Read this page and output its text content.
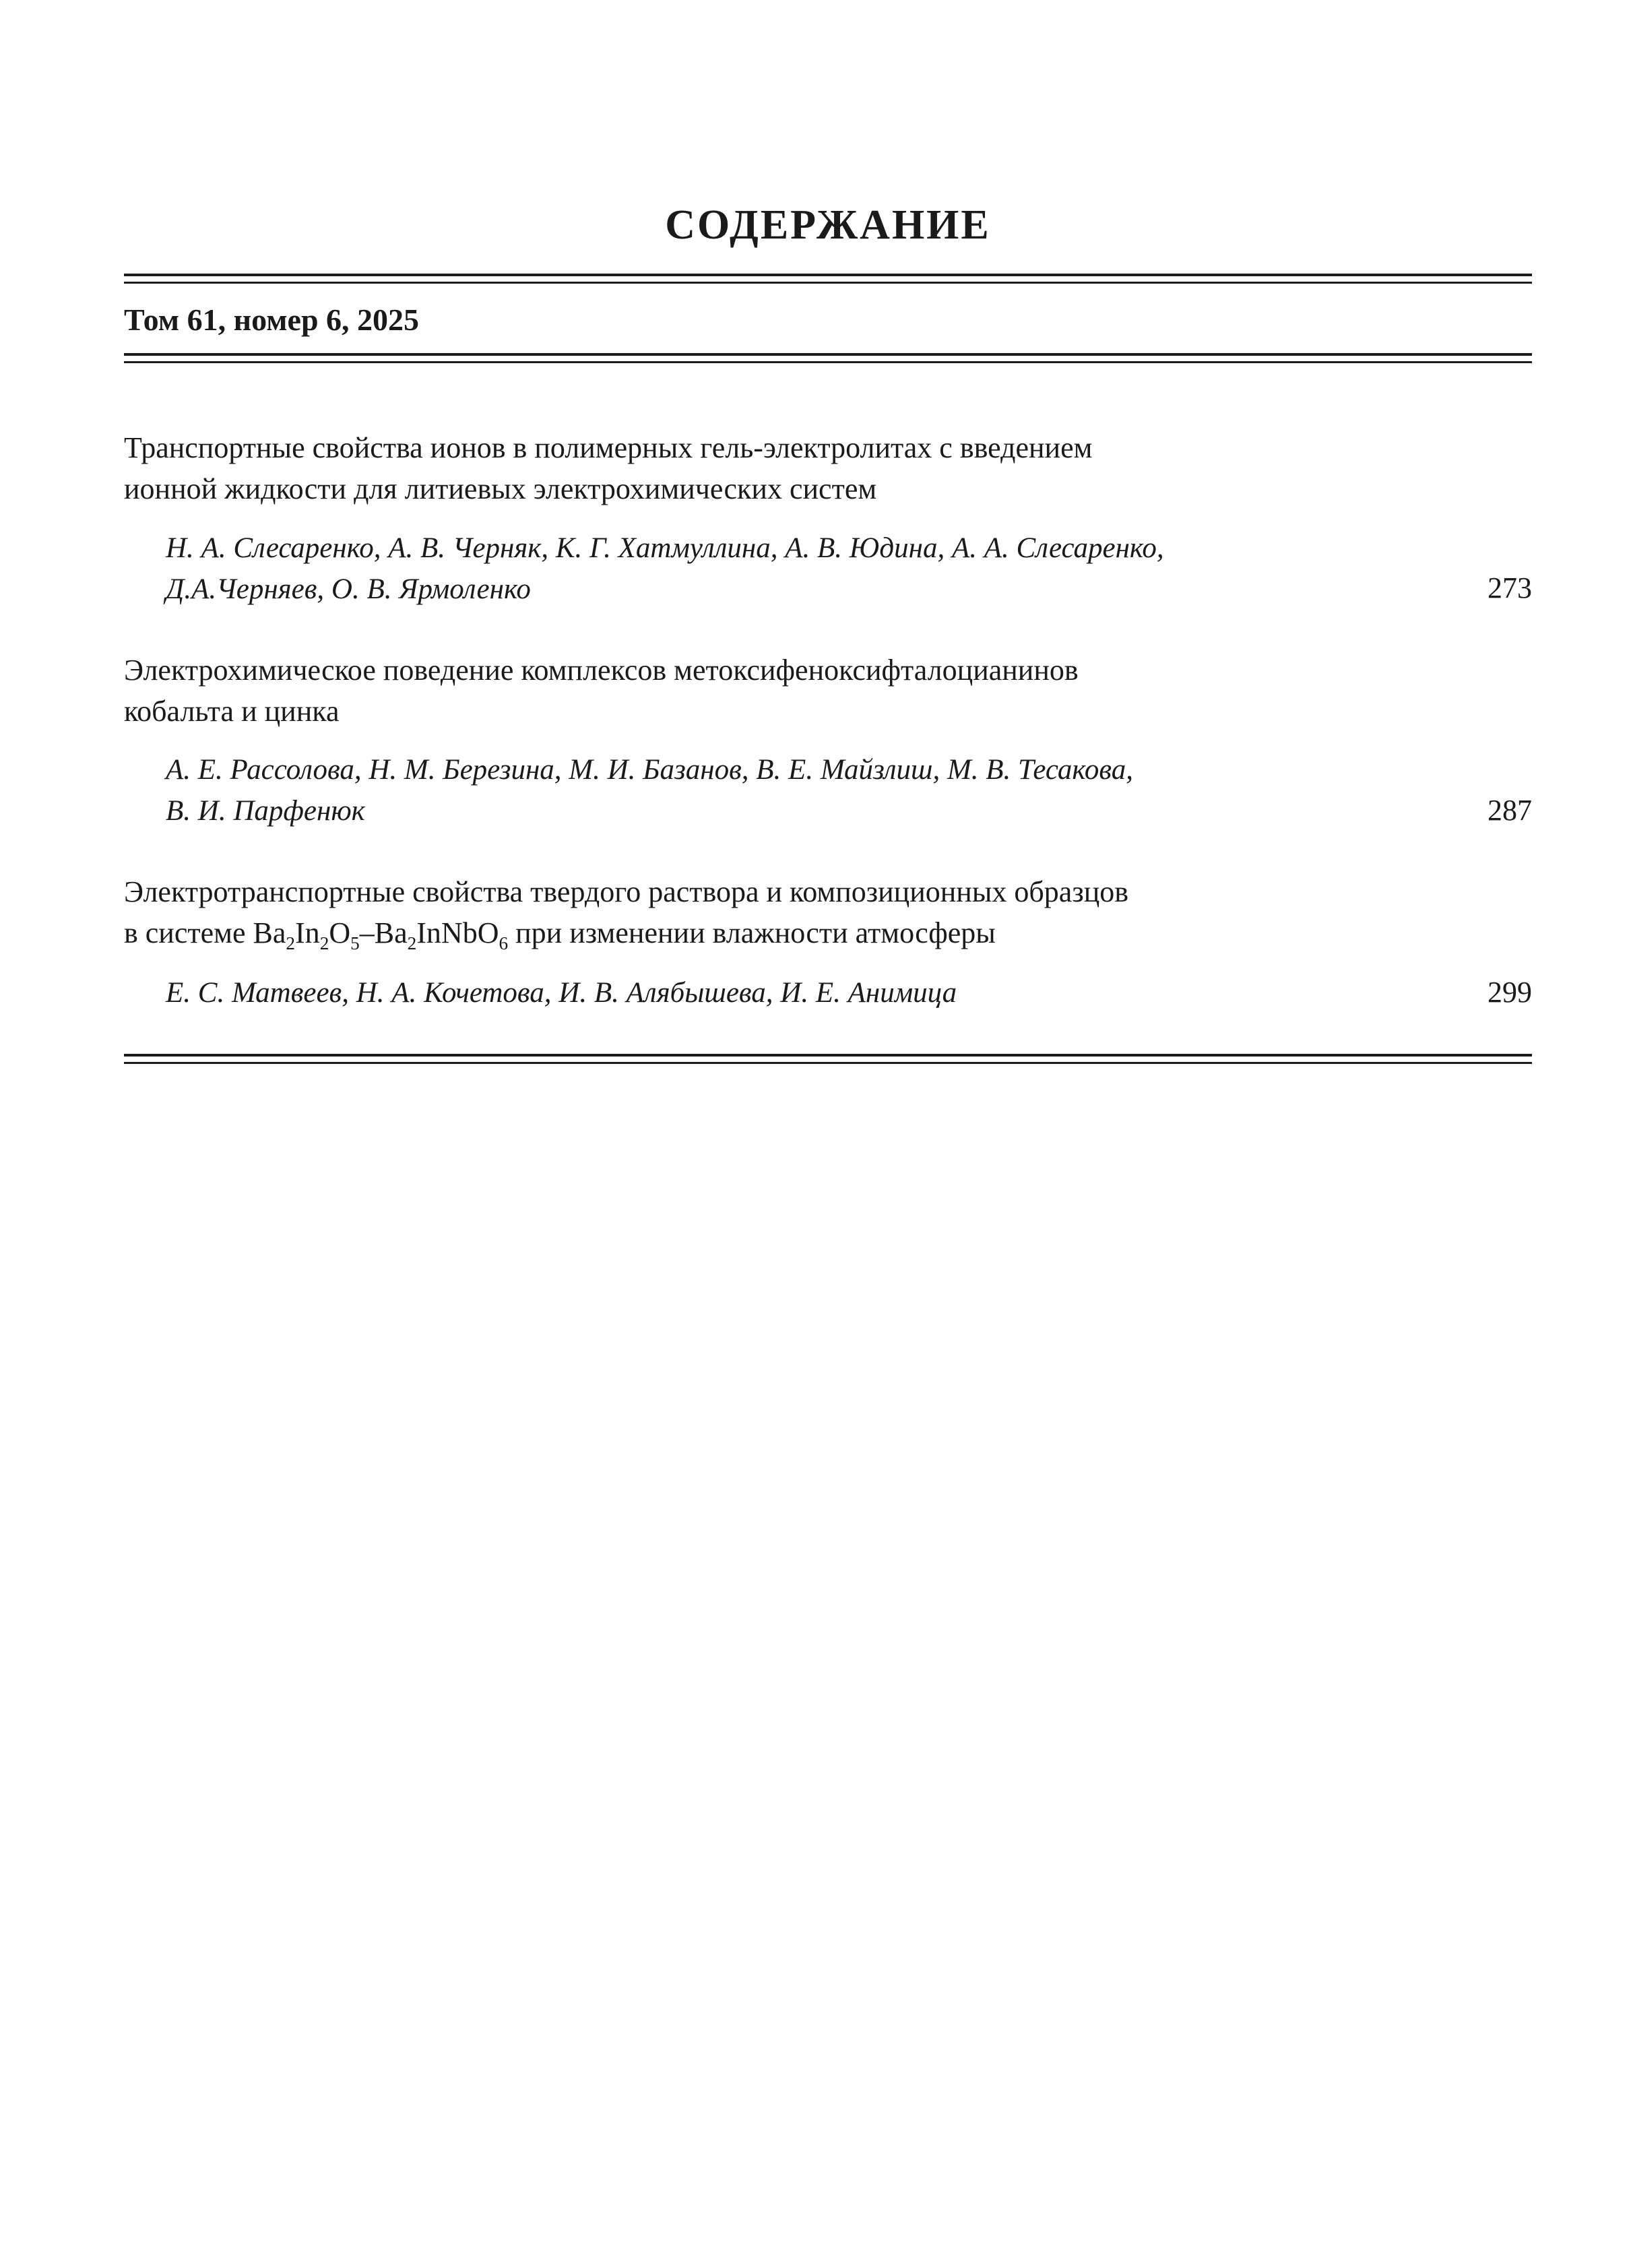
СОДЕРЖАНИЕ
Том 61, номер 6, 2025

Транспортные свойства ионов в полимерных гель-электролитах с введением
ионной жидкости для литиевых электрохимических систем

Н. А. Слесаренко, А. В. Черняк, К. Г. Хатмуллина, А. В. Юдина, А. А. Слесаренко,
Д.А.Черняев, О. В. Ярмоленко	273

Электрохимическое поведение комплексов метоксифеноксифталоцианинов
кобальта и цинка

А. Е. Рассолова, Н. М. Березина, М. И. Базанов, В. Е. Майзлиш, М. В. Тесакова,
В. И. Парфенюк	287

Электротранспортные свойства твердого раствора и композиционных образцов
в системе $Ba_2In_2O_5-Ba_2InNbO_6$ при изменении влажности атмосферы

Е. С. Матвеев, Н. А. Кочетова, И. В. Алябышева, И. Е. Анимица	299
